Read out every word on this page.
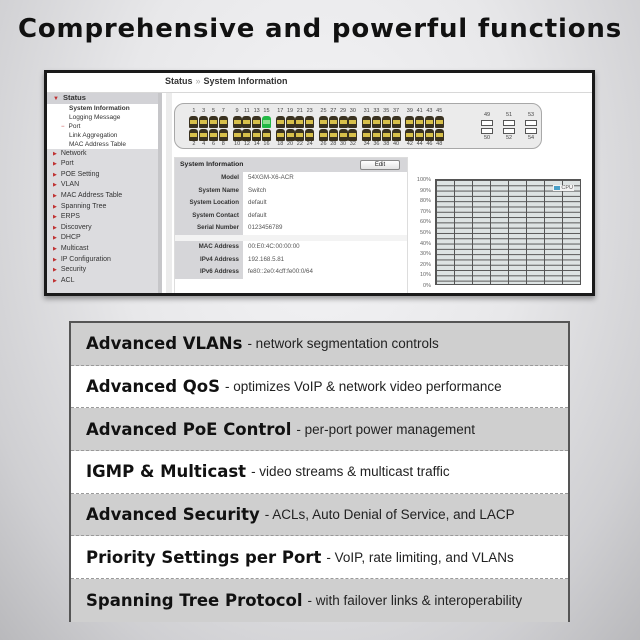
Comprehensive and powerful functions
Status » System Information
▼ Status
System Information
Logging Message
− Port
Link Aggregation
MAC Address Table
▶ Network
▶ Port
▶ POE Setting
▶ VLAN
▶ MAC Address Table
▶ Spanning Tree
▶ ERPS
▶ Discovery
▶ DHCP
▶ Multicast
▶ IP Configuration
▶ Security
▶ ACL
1
2
3
4
5
6
7
8
9
10
11
12
13
14
15
16
17
18
19
20
21
22
23
24
25
26
27
28
29
30
30
32
31
34
33
36
35
38
37
40
39
42
41
44
43
46
45
48
49
50
51
52
53
54
System Information	Edit
Model	54XGM-X6-ACR
System Name	Switch
System Location	default
System Contact	default
Serial Number	0123456789
MAC Address	00:E0:4C:00:00:00
IPv4 Address	192.168.5.81
IPv6 Address	fe80::2e0:4cff:fe00:0/64
100%
90%
80%
70%
60%
50%
40%
30%
20%
10%
0%
CPU
Advanced VLANs - network segmentation controls
Advanced QoS - optimizes VoIP & network video performance
Advanced PoE Control - per-port power management
IGMP & Multicast - video streams & multicast traffic
Advanced Security - ACLs, Auto Denial of Service, and LACP
Priority Settings per Port - VoIP, rate limiting, and VLANs
Spanning Tree Protocol - with failover links & interoperability
